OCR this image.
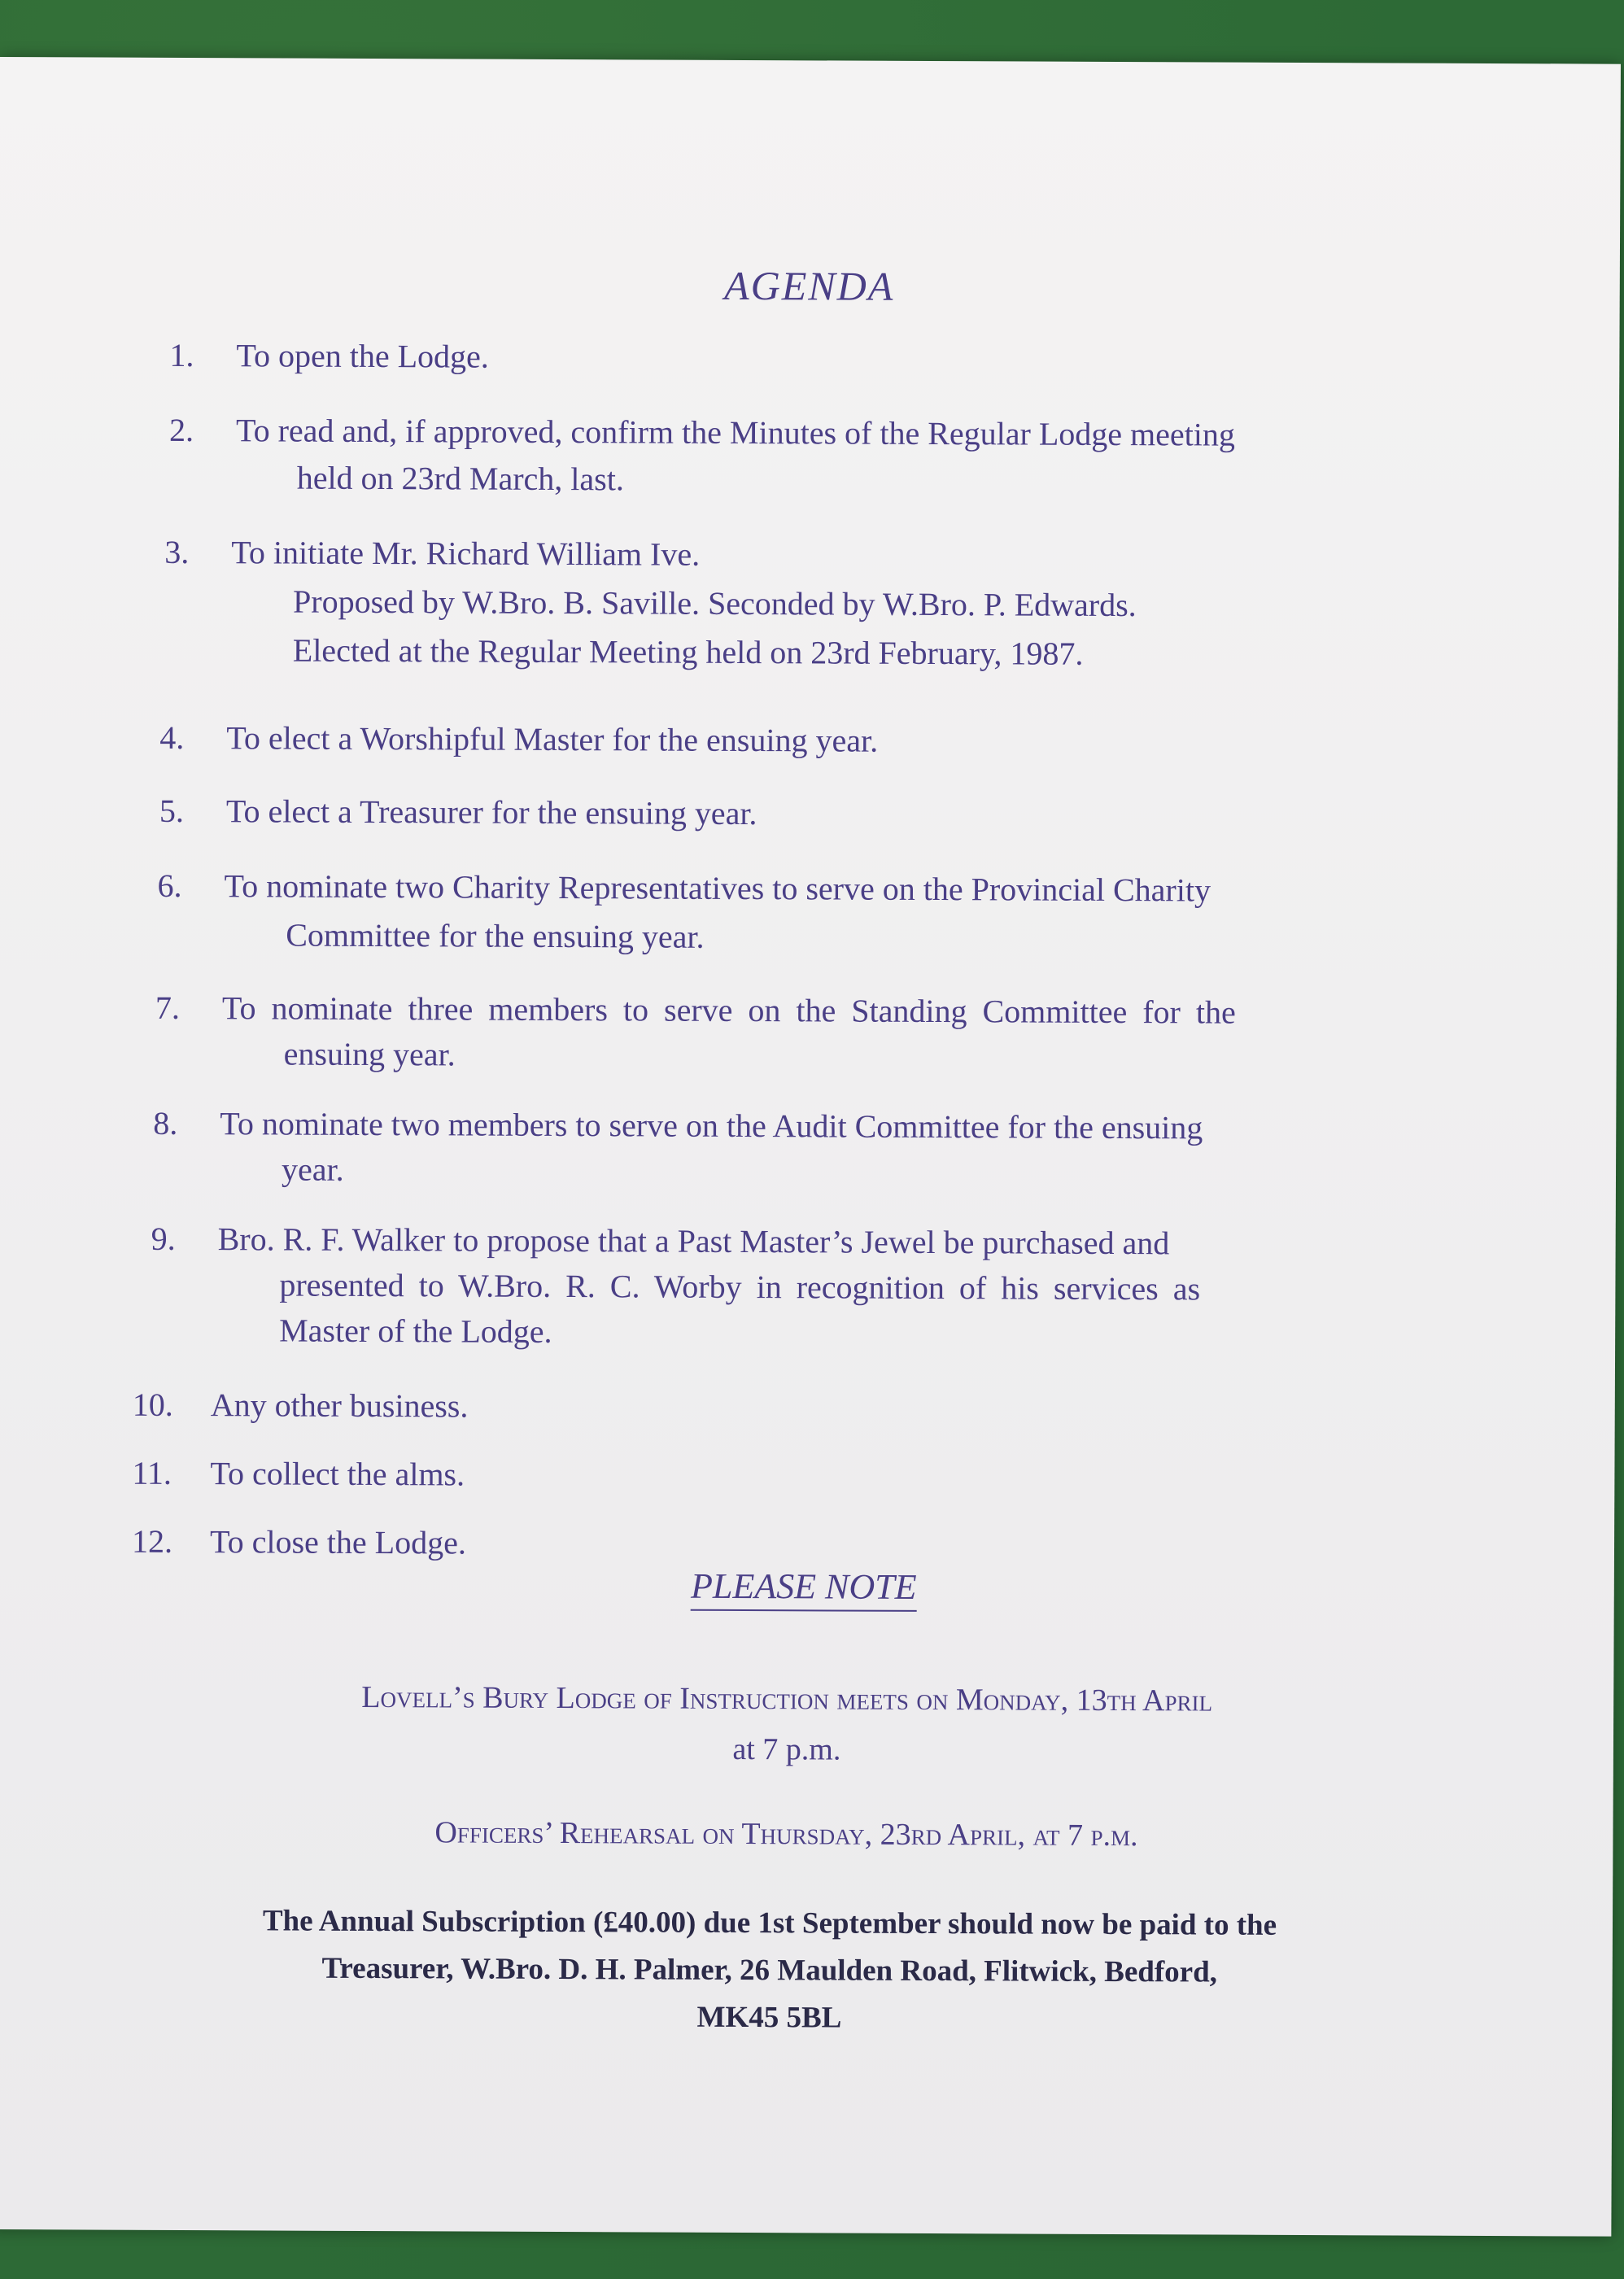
AGENDA
1. To open the Lodge.
2. To read and, if approved, confirm the Minutes of the Regular Lodge meeting
held on 23rd March, last.
3. To initiate Mr. Richard William Ive.
Proposed by W.Bro. B. Saville. Seconded by W.Bro. P. Edwards.
Elected at the Regular Meeting held on 23rd February, 1987.
4. To elect a Worshipful Master for the ensuing year.
5. To elect a Treasurer for the ensuing year.
6. To nominate two Charity Representatives to serve on the Provincial Charity
Committee for the ensuing year.
7. To nominate three members to serve on the Standing Committee for the
ensuing year.
8. To nominate two members to serve on the Audit Committee for the ensuing
year.
9. Bro. R. F. Walker to propose that a Past Master’s Jewel be purchased and
presented to W.Bro. R. C. Worby in recognition of his services as
Master of the Lodge.
10. Any other business.
11. To collect the alms.
12. To close the Lodge.
PLEASE NOTE
Lovell’s Bury Lodge of Instruction meets on Monday, 13th April
at 7 p.m.
Officers’ Rehearsal on Thursday, 23rd April, at 7 p.m.
The Annual Subscription (£40.00) due 1st September should now be paid to the
Treasurer, W.Bro. D. H. Palmer, 26 Maulden Road, Flitwick, Bedford,
MK45 5BL
